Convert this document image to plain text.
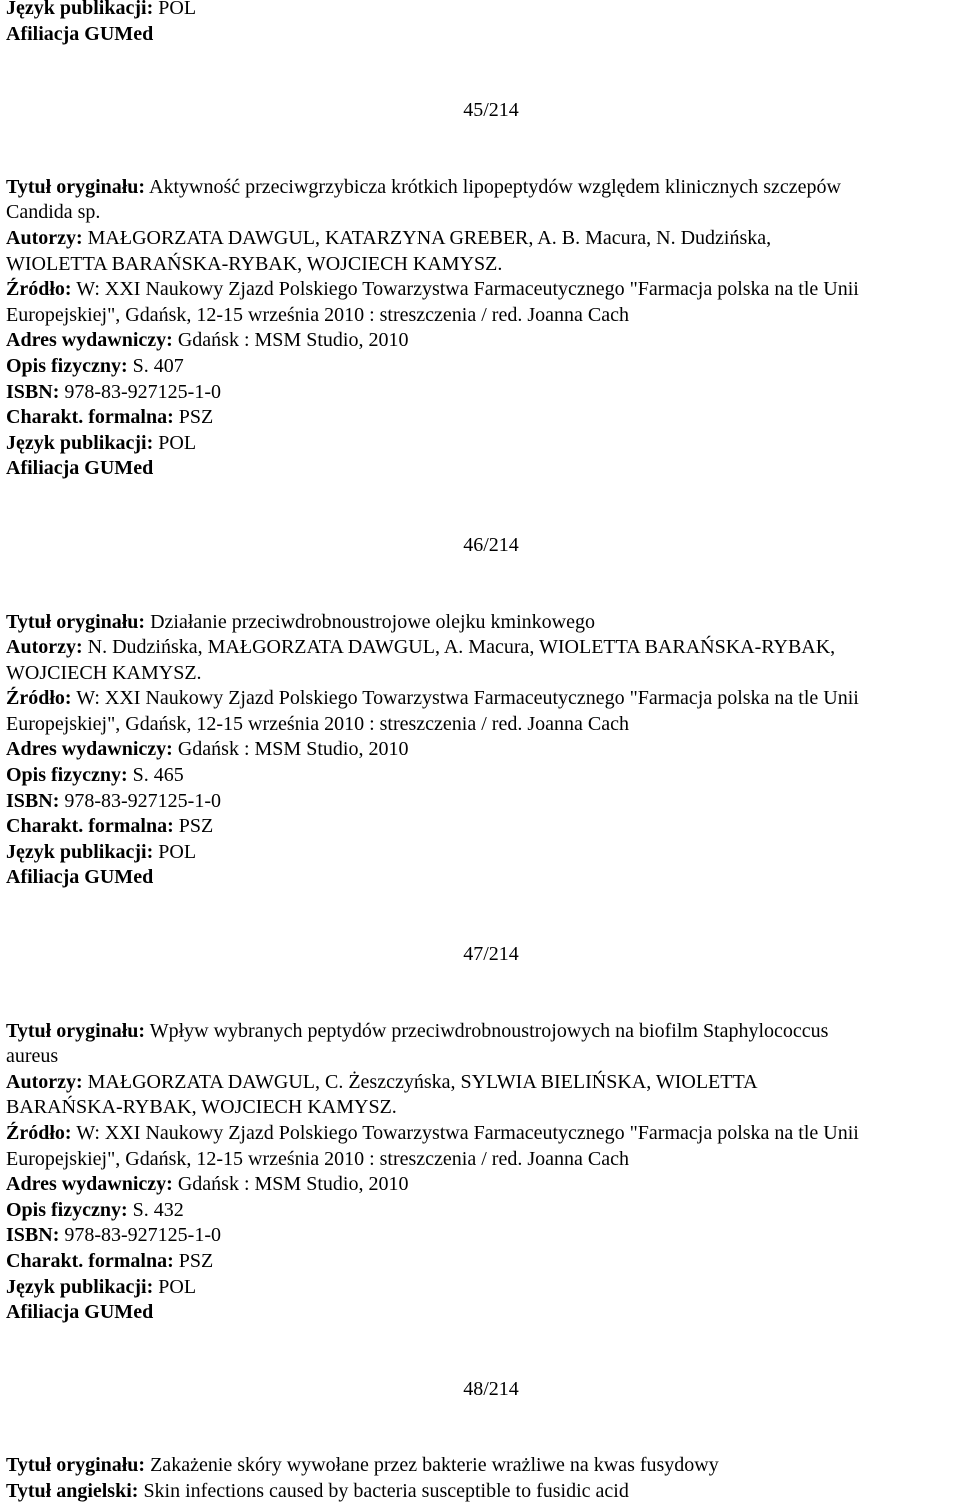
Język publikacji: POL
Afiliacja GUMed
45/214
Tytuł oryginału: Aktywność przeciwgrzybicza krótkich lipopeptydów względem klinicznych szczepów
Candida sp.
Autorzy: MAŁGORZATA DAWGUL, KATARZYNA GREBER, A. B. Macura, N. Dudzińska,
WIOLETTA BARAŃSKA-RYBAK, WOJCIECH KAMYSZ.
Źródło: W: XXI Naukowy Zjazd Polskiego Towarzystwa Farmaceutycznego "Farmacja polska na tle Unii
Europejskiej", Gdańsk, 12-15 września 2010 : streszczenia / red. Joanna Cach
Adres wydawniczy: Gdańsk : MSM Studio, 2010
Opis fizyczny: S. 407
ISBN: 978-83-927125-1-0
Charakt. formalna: PSZ
Język publikacji: POL
Afiliacja GUMed
46/214
Tytuł oryginału: Działanie przeciwdrobnoustrojowe olejku kminkowego
Autorzy: N. Dudzińska, MAŁGORZATA DAWGUL, A. Macura, WIOLETTA BARAŃSKA-RYBAK,
WOJCIECH KAMYSZ.
Źródło: W: XXI Naukowy Zjazd Polskiego Towarzystwa Farmaceutycznego "Farmacja polska na tle Unii
Europejskiej", Gdańsk, 12-15 września 2010 : streszczenia / red. Joanna Cach
Adres wydawniczy: Gdańsk : MSM Studio, 2010
Opis fizyczny: S. 465
ISBN: 978-83-927125-1-0
Charakt. formalna: PSZ
Język publikacji: POL
Afiliacja GUMed
47/214
Tytuł oryginału: Wpływ wybranych peptydów przeciwdrobnoustrojowych na biofilm Staphylococcus
aureus
Autorzy: MAŁGORZATA DAWGUL, C. Żeszczyńska, SYLWIA BIELIŃSKA, WIOLETTA
BARAŃSKA-RYBAK, WOJCIECH KAMYSZ.
Źródło: W: XXI Naukowy Zjazd Polskiego Towarzystwa Farmaceutycznego "Farmacja polska na tle Unii
Europejskiej", Gdańsk, 12-15 września 2010 : streszczenia / red. Joanna Cach
Adres wydawniczy: Gdańsk : MSM Studio, 2010
Opis fizyczny: S. 432
ISBN: 978-83-927125-1-0
Charakt. formalna: PSZ
Język publikacji: POL
Afiliacja GUMed
48/214
Tytuł oryginału: Zakażenie skóry wywołane przez bakterie wrażliwe na kwas fusydowy
Tytuł angielski: Skin infections caused by bacteria susceptible to fusidic acid
